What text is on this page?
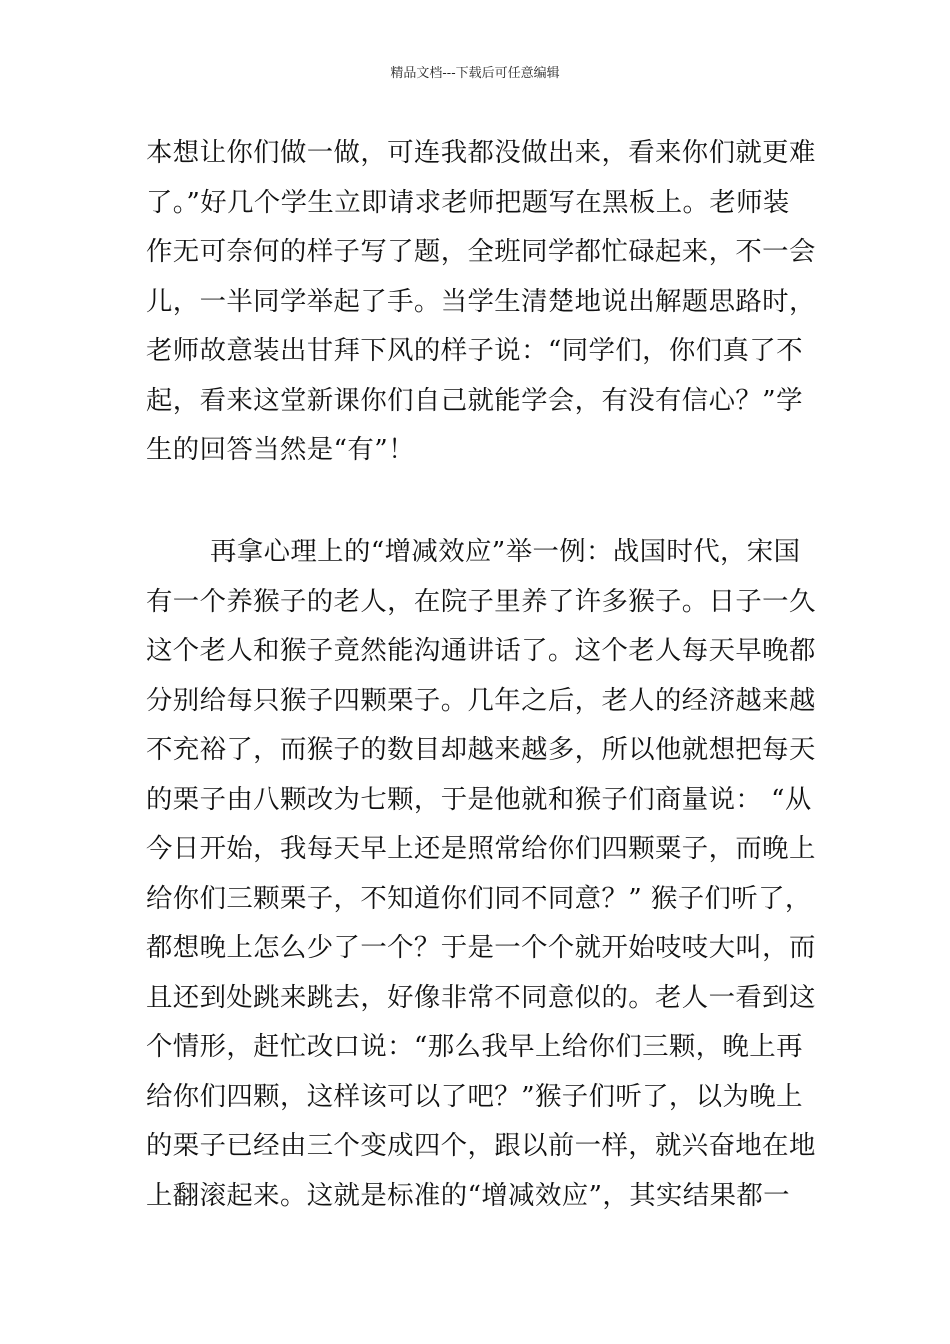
精品文档---下载后可任意编辑
本想让你们做一做，可连我都没做出来，看来你们就更难
了。”好几个学生立即请求老师把题写在黑板上。老师装
作无可奈何的样子写了题，全班同学都忙碌起来，不一会
儿，一半同学举起了手。当学生清楚地说出解题思路时，
老师故意装出甘拜下风的样子说：“同学们，你们真了不
起，看来这堂新课你们自己就能学会，有没有信心？”学
生的回答当然是“有”！
再拿心理上的“增减效应”举一例：战国时代，宋国
有一个养猴子的老人，在院子里养了许多猴子。日子一久
这个老人和猴子竟然能沟通讲话了。这个老人每天早晚都
分别给每只猴子四颗栗子。几年之后，老人的经济越来越
不充裕了，而猴子的数目却越来越多，所以他就想把每天
的栗子由八颗改为七颗，于是他就和猴子们商量说： “从
今日开始，我每天早上还是照常给你们四颗粟子，而晚上
给你们三颗栗子，不知道你们同不同意？” 猴子们听了，
都想晚上怎么少了一个？于是一个个就开始吱吱大叫，而
且还到处跳来跳去，好像非常不同意似的。老人一看到这
个情形，赶忙改口说：“那么我早上给你们三颗，晚上再
给你们四颗，这样该可以了吧？”猴子们听了，以为晚上
的栗子已经由三个变成四个，跟以前一样，就兴奋地在地
上翻滚起来。这就是标准的“增减效应”，其实结果都一
